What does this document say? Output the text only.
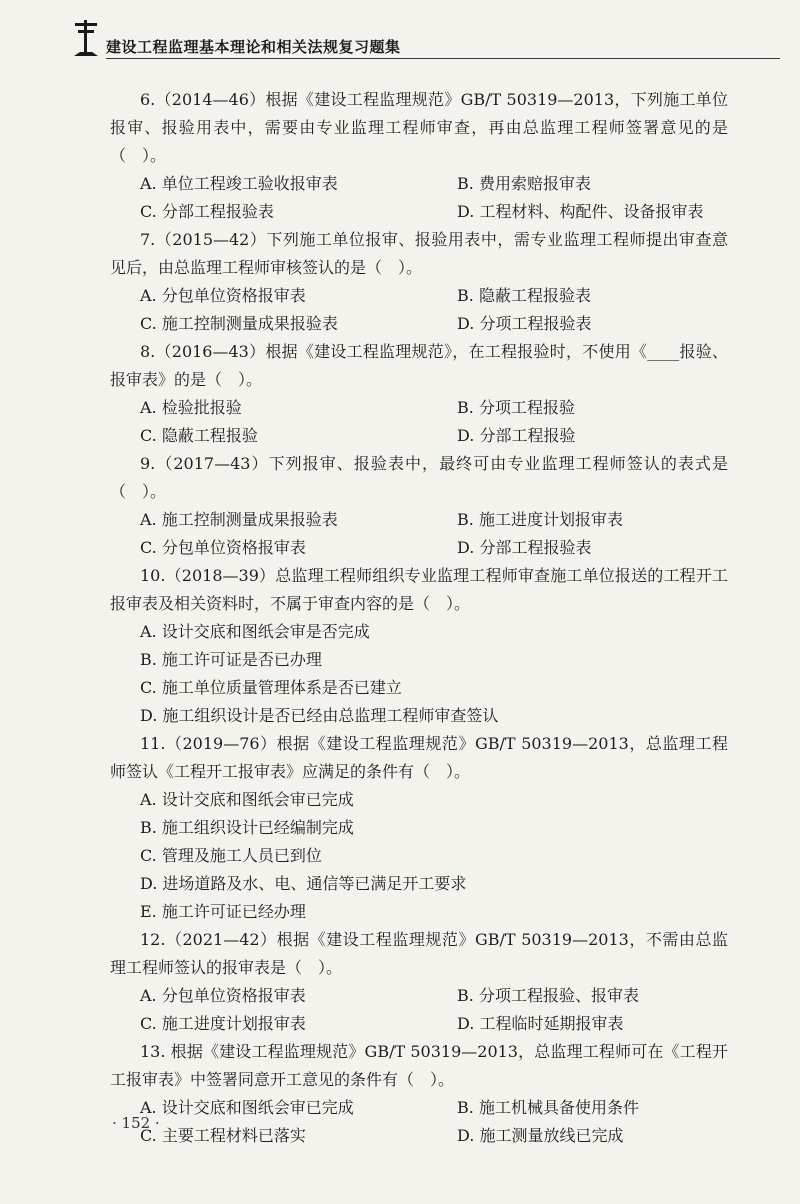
建设工程监理基本理论和相关法规复习题集

6.（2014—46）根据《建设工程监理规范》GB/T 50319—2013，下列施工单位报审、报验用表中，需要由专业监理工程师审查，再由总监理工程师签署意见的是（　）。

A. 单位工程竣工验收报审表	B. 费用索赔报审表
C. 分部工程报验表	D. 工程材料、构配件、设备报审表

7.（2015—42）下列施工单位报审、报验用表中，需专业监理工程师提出审查意见后，由总监理工程师审核签认的是（　）。

A. 分包单位资格报审表	B. 隐蔽工程报验表
C. 施工控制测量成果报验表	D. 分项工程报验表

8.（2016—43）根据《建设工程监理规范》，在工程报验时，不使用《____报验、报审表》的是（　）。

A. 检验批报验	B. 分项工程报验
C. 隐蔽工程报验	D. 分部工程报验

9.（2017—43）下列报审、报验表中，最终可由专业监理工程师签认的表式是（　）。

A. 施工控制测量成果报验表	B. 施工进度计划报审表
C. 分包单位资格报审表	D. 分部工程报验表

10.（2018—39）总监理工程师组织专业监理工程师审查施工单位报送的工程开工报审表及相关资料时，不属于审查内容的是（　）。

A. 设计交底和图纸会审是否完成

B. 施工许可证是否已办理

C. 施工单位质量管理体系是否已建立

D. 施工组织设计是否已经由总监理工程师审查签认

11.（2019—76）根据《建设工程监理规范》GB/T 50319—2013，总监理工程师签认《工程开工报审表》应满足的条件有（　）。

A. 设计交底和图纸会审已完成

B. 施工组织设计已经编制完成

C. 管理及施工人员已到位

D. 进场道路及水、电、通信等已满足开工要求

E. 施工许可证已经办理

12.（2021—42）根据《建设工程监理规范》GB/T 50319—2013，不需由总监理工程师签认的报审表是（　）。

A. 分包单位资格报审表	B. 分项工程报验、报审表
C. 施工进度计划报审表	D. 工程临时延期报审表

13. 根据《建设工程监理规范》GB/T 50319—2013，总监理工程师可在《工程开工报审表》中签署同意开工意见的条件有（　）。

A. 设计交底和图纸会审已完成	B. 施工机械具备使用条件
C. 主要工程材料已落实	D. 施工测量放线已完成
· 152 ·
